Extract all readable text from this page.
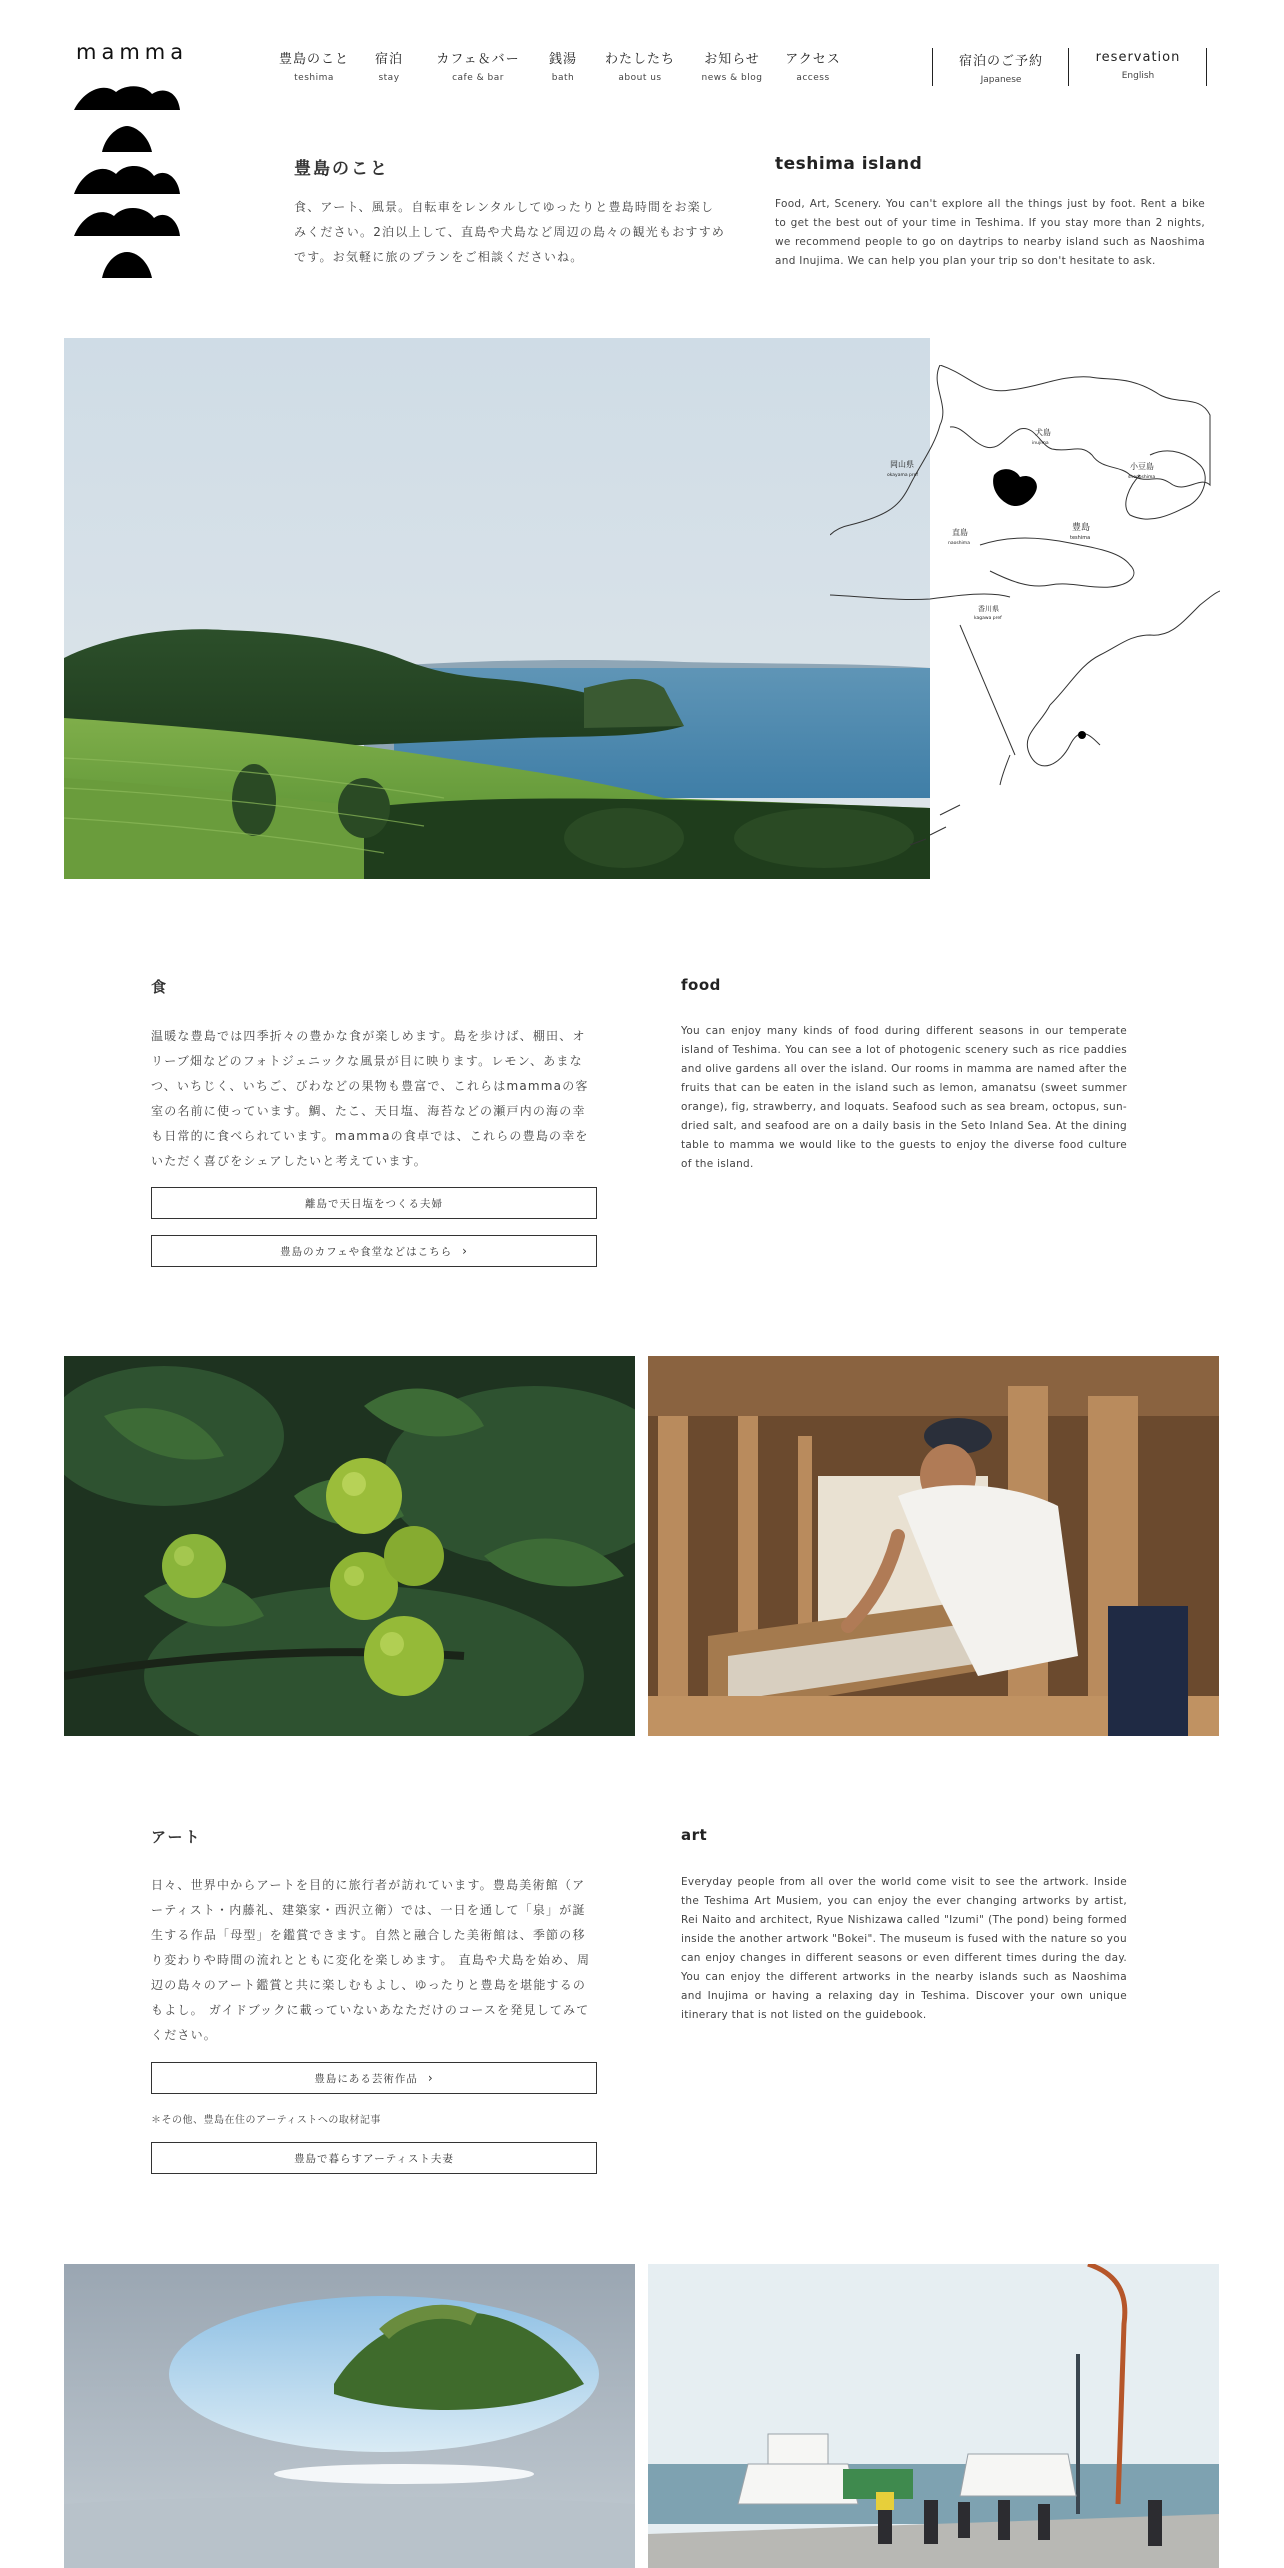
mamma	豊島のこと
teshima
宿泊
stay
カフェ＆バー
cafe & bar
銭湯
bath
わたしたち
about us
お知らせ
news & blog
アクセス
access
宿泊のご予約
Japanese
reservation
English
豊島のこと

食、アート、風景。自転車をレンタルしてゆったりと豊島時間をお楽しみください。2泊以上して、直島や犬島など周辺の島々の観光もおすすめです。お気軽に旅のプランをご相談くださいね。

teshima island

Food, Art, Scenery. You can't explore all the things just by foot. Rent a bike to get the best out of your time in Teshima. If you stay more than 2 nights, we recommend people to go on daytrips to nearby island such as Naoshima and Inujima. We can help you plan your trip so don't hesitate to ask.

犬島
inujima
岡山県
okayama pref
小豆島
shodoshima
直島
naoshima
豊島
teshima
香川県
kagawa pref
食

温暖な豊島では四季折々の豊かな食が楽しめます。島を歩けば、棚田、オリーブ畑などのフォトジェニックな風景が目に映ります。レモン、あまなつ、いちじく、いちご、びわなどの果物も豊富で、これらはmammaの客室の名前に使っています。鯛、たこ、天日塩、海苔などの瀬戸内の海の幸も日常的に食べられています。mammaの食卓では、これらの豊島の幸をいただく喜びをシェアしたいと考えています。

離島で天日塩をつくる夫婦
豊島のカフェや食堂などはこちら ›
food

You can enjoy many kinds of food during different seasons in our temperate island of Teshima. You can see a lot of photogenic scenery such as rice paddies and olive gardens all over the island. Our rooms in mamma are named after the fruits that can be eaten in the island such as lemon, amanatsu (sweet summer orange), fig, strawberry, and loquats. Seafood such as sea bream, octopus, sun-dried salt, and seafood are on a daily basis in the Seto Inland Sea. At the dining table to mamma we would like to the guests to enjoy the diverse food culture of the island.

アート

日々、世界中からアートを目的に旅行者が訪れています。豊島美術館（アーティスト・内藤礼、建築家・西沢立衛）では、一日を通して「泉」が誕生する作品「母型」を鑑賞できます。自然と融合した美術館は、季節の移り変わりや時間の流れとともに変化を楽しめます。 直島や犬島を始め、周辺の島々のアート鑑賞と共に楽しむもよし、ゆったりと豊島を堪能するのもよし。 ガイドブックに載っていないあなただけのコースを発見してみてください。

豊島にある芸術作品 ›
＊その他、豊島在住のアーティストへの取材記事
豊島で暮らすアーティスト夫妻
art

Everyday people from all over the world come visit to see the artwork. Inside the Teshima Art Musiem, you can enjoy the ever changing artworks by artist, Rei Naito and architect, Ryue Nishizawa called "Izumi" (The pond) being formed inside the another artwork "Bokei". The museum is fused with the nature so you can enjoy changes in different seasons or even different times during the day. You can enjoy the different artworks in the nearby islands such as Naoshima and Inujima or having a relaxing day in Teshima. Discover your own unique itinerary that is not listed on the guidebook.
